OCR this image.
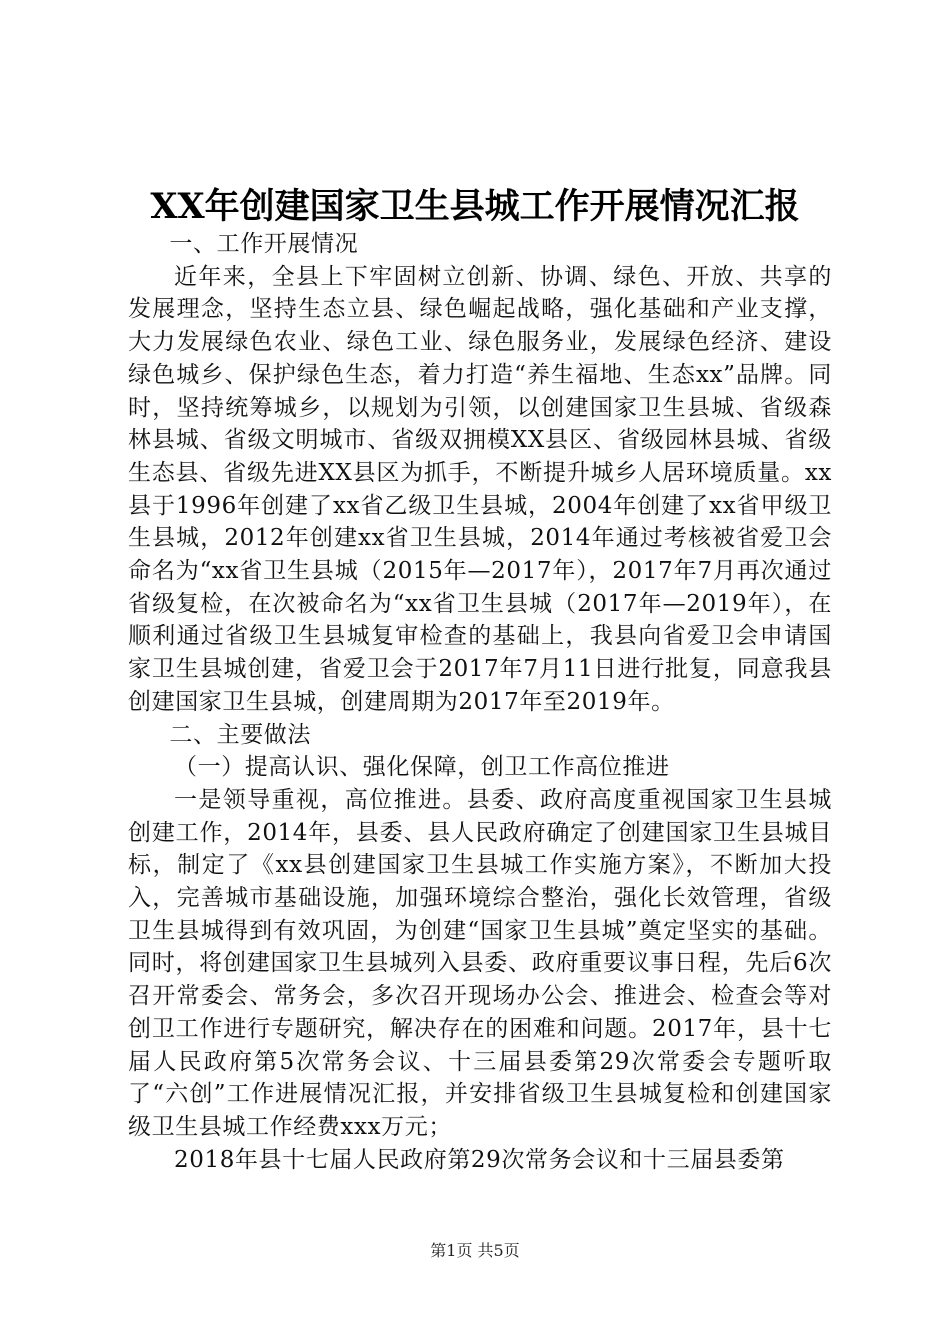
XX年创建国家卫生县城工作开展情况汇报

一、工作开展情况

近年来，全县上下牢固树立创新、协调、绿色、开放、共享的发展理念，坚持生态立县、绿色崛起战略，强化基础和产业支撑，大力发展绿色农业、绿色工业、绿色服务业，发展绿色经济、建设绿色城乡、保护绿色生态，着力打造“养生福地、生态xx”品牌。同时，坚持统筹城乡，以规划为引领，以创建国家卫生县城、省级森林县城、省级文明城市、省级双拥模XX县区、省级园林县城、省级生态县、省级先进XX县区为抓手，不断提升城乡人居环境质量。xx县于1996年创建了xx省乙级卫生县城，2004年创建了xx省甲级卫生县城，2012年创建xx省卫生县城，2014年通过考核被省爱卫会命名为“xx省卫生县城（2015年—2017年），2017年7月再次通过省级复检，在次被命名为“xx省卫生县城（2017年—2019年），在顺利通过省级卫生县城复审检查的基础上，我县向省爱卫会申请国家卫生县城创建，省爱卫会于2017年7月11日进行批复，同意我县创建国家卫生县城，创建周期为2017年至2019年。

二、主要做法

（一）提高认识、强化保障，创卫工作高位推进

一是领导重视，高位推进。县委、政府高度重视国家卫生县城创建工作，2014年，县委、县人民政府确定了创建国家卫生县城目标，制定了《xx县创建国家卫生县城工作实施方案》，不断加大投入，完善城市基础设施，加强环境综合整治，强化长效管理，省级卫生县城得到有效巩固，为创建“国家卫生县城”奠定坚实的基础。同时，将创建国家卫生县城列入县委、政府重要议事日程，先后6次召开常委会、常务会，多次召开现场办公会、推进会、检查会等对创卫工作进行专题研究，解决存在的困难和问题。2017年，县十七届人民政府第5次常务会议、十三届县委第29次常委会专题听取了“六创”工作进展情况汇报，并安排省级卫生县城复检和创建国家级卫生县城工作经费xxx万元；

2018年县十七届人民政府第29次常务会议和十三届县委第

第1页 共5页
